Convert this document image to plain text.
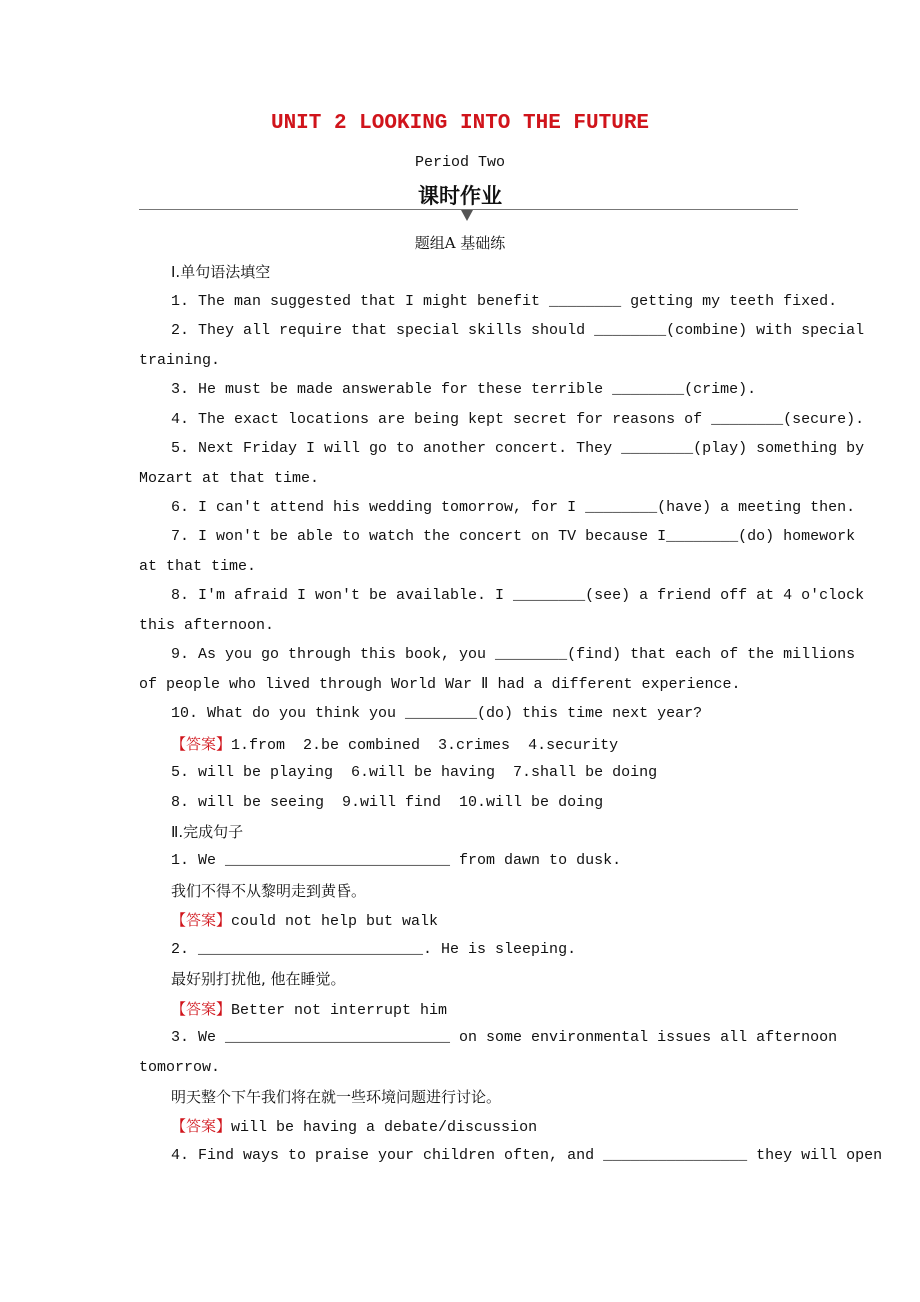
UNIT 2 LOOKING INTO THE FUTURE
Period Two
课时作业
题组A 基础练
Ⅰ.单句语法填空
1. The man suggested that I might benefit ________ getting my teeth fixed.
2. They all require that special skills should ________(combine) with special
training.
3. He must be made answerable for these terrible ________(crime).
4. The exact locations are being kept secret for reasons of ________(secure).
5. Next Friday I will go to another concert. They ________(play) something by
Mozart at that time.
6. I can't attend his wedding tomorrow, for I ________(have) a meeting then.
7. I won't be able to watch the concert on TV because I________(do) homework
at that time.
8. I'm afraid I won't be available. I ________(see) a friend off at 4 o'clock
this afternoon.
9. As you go through this book, you ________(find) that each of the millions
of people who lived through World War Ⅱ had a different experience.
10. What do you think you ________(do) this time next year?
【答案】1.from  2.be combined  3.crimes  4.security
5. will be playing  6.will be having  7.shall be doing
8. will be seeing  9.will find  10.will be doing
Ⅱ.完成句子
1. We _________________________ from dawn to dusk.
我们不得不从黎明走到黄昏。
【答案】could not help but walk
2. _________________________. He is sleeping.
最好别打扰他, 他在睡觉。
【答案】Better not interrupt him
3. We _________________________ on some environmental issues all afternoon
tomorrow.
明天整个下午我们将在就一些环境问题进行讨论。
【答案】will be having a debate/discussion
4. Find ways to praise your children often, and ________________ they will open
